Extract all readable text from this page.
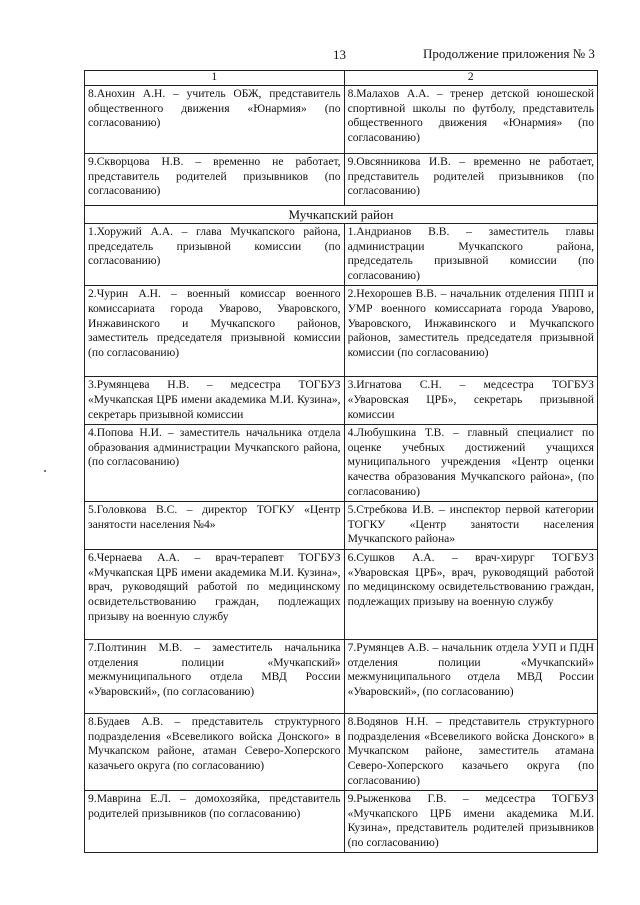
13	Продолжение приложения № 3
1	2
8.Анохин А.Н. – учитель ОБЖ, представитель общественного движения «Юнармия» (по согласованию)	8.Малахов А.А. – тренер детской юношеской спортивной школы по футболу, представитель общественного движения «Юнармия» (по согласованию)
9.Скворцова Н.В. – временно не работает, представитель родителей призывников (по согласованию)	9.Овсянникова И.В. – временно не работает, представитель родителей призывников (по согласованию)
Мучкапский район	
1.Хоружий А.А. – глава Мучкапского района, председатель призывной комиссии (по согласованию)	1.Андрианов В.В. – заместитель главы администрации Мучкапского района, председатель призывной комиссии (по согласованию)
2.Чурин А.Н. – военный комиссар военного комиссариата города Уварово, Уваровского, Инжавинского и Мучкапского районов, заместитель председателя призывной комиссии (по согласованию)	2.Нехорошев В.В. – начальник отделения ППП и УМР военного комиссариата города Уварово, Уваровского, Инжавинского и Мучкапского районов, заместитель председателя призывной комиссии (по согласованию)
3.Румянцева Н.В. – медсестра ТОГБУЗ «Мучкапская ЦРБ имени академика М.И. Кузина», секретарь призывной комиссии	3.Игнатова С.Н. – медсестра ТОГБУЗ «Уваровская ЦРБ», секретарь призывной комиссии
4.Попова Н.И. – заместитель начальника отдела образования администрации Мучкапского района, (по согласованию)	4.Любушкина Т.В. – главный специалист по оценке учебных достижений учащихся муниципального учреждения «Центр оценки качества образования Мучкапского района», (по согласованию)
5.Головкова В.С. – директор ТОГКУ «Центр занятости населения №4»	5.Стребкова И.В. – инспектор первой категории ТОГКУ «Центр занятости населения Мучкапского района»
6.Чернаева А.А. – врач-терапевт ТОГБУЗ «Мучкапская ЦРБ имени академика М.И. Кузина», врач, руководящий работой по медицинскому освидетельствованию граждан, подлежащих призыву на военную службу	6.Сушков А.А. – врач-хирург ТОГБУЗ «Уваровская ЦРБ», врач, руководящий работой по медицинскому освидетельствованию граждан, подлежащих призыву на военную службу
7.Полтинин М.В. – заместитель начальника отделения полиции «Мучкапский» межмуниципального отдела МВД России «Уваровский», (по согласованию)	7.Румянцев А.В. – начальник отдела УУП и ПДН отделения полиции «Мучкапский» межмуниципального отдела МВД России «Уваровский», (по согласованию)
8.Будаев А.В. – представитель структурного подразделения «Всевеликого войска Донского» в Мучкапском районе, атаман Северо-Хоперского казачьего округа (по согласованию)	8.Водянов Н.Н. – представитель структурного подразделения «Всевеликого войска Донского» в Мучкапском районе, заместитель атамана Северо-Хоперского казачьего округа (по согласованию)
9.Маврина Е.Л. – домохозяйка, представитель родителей призывников (по согласованию)	9.Рыженкова Г.В. – медсестра ТОГБУЗ «Мучкапского ЦРБ имени академика М.И. Кузина», представитель родителей призывников (по согласованию)
